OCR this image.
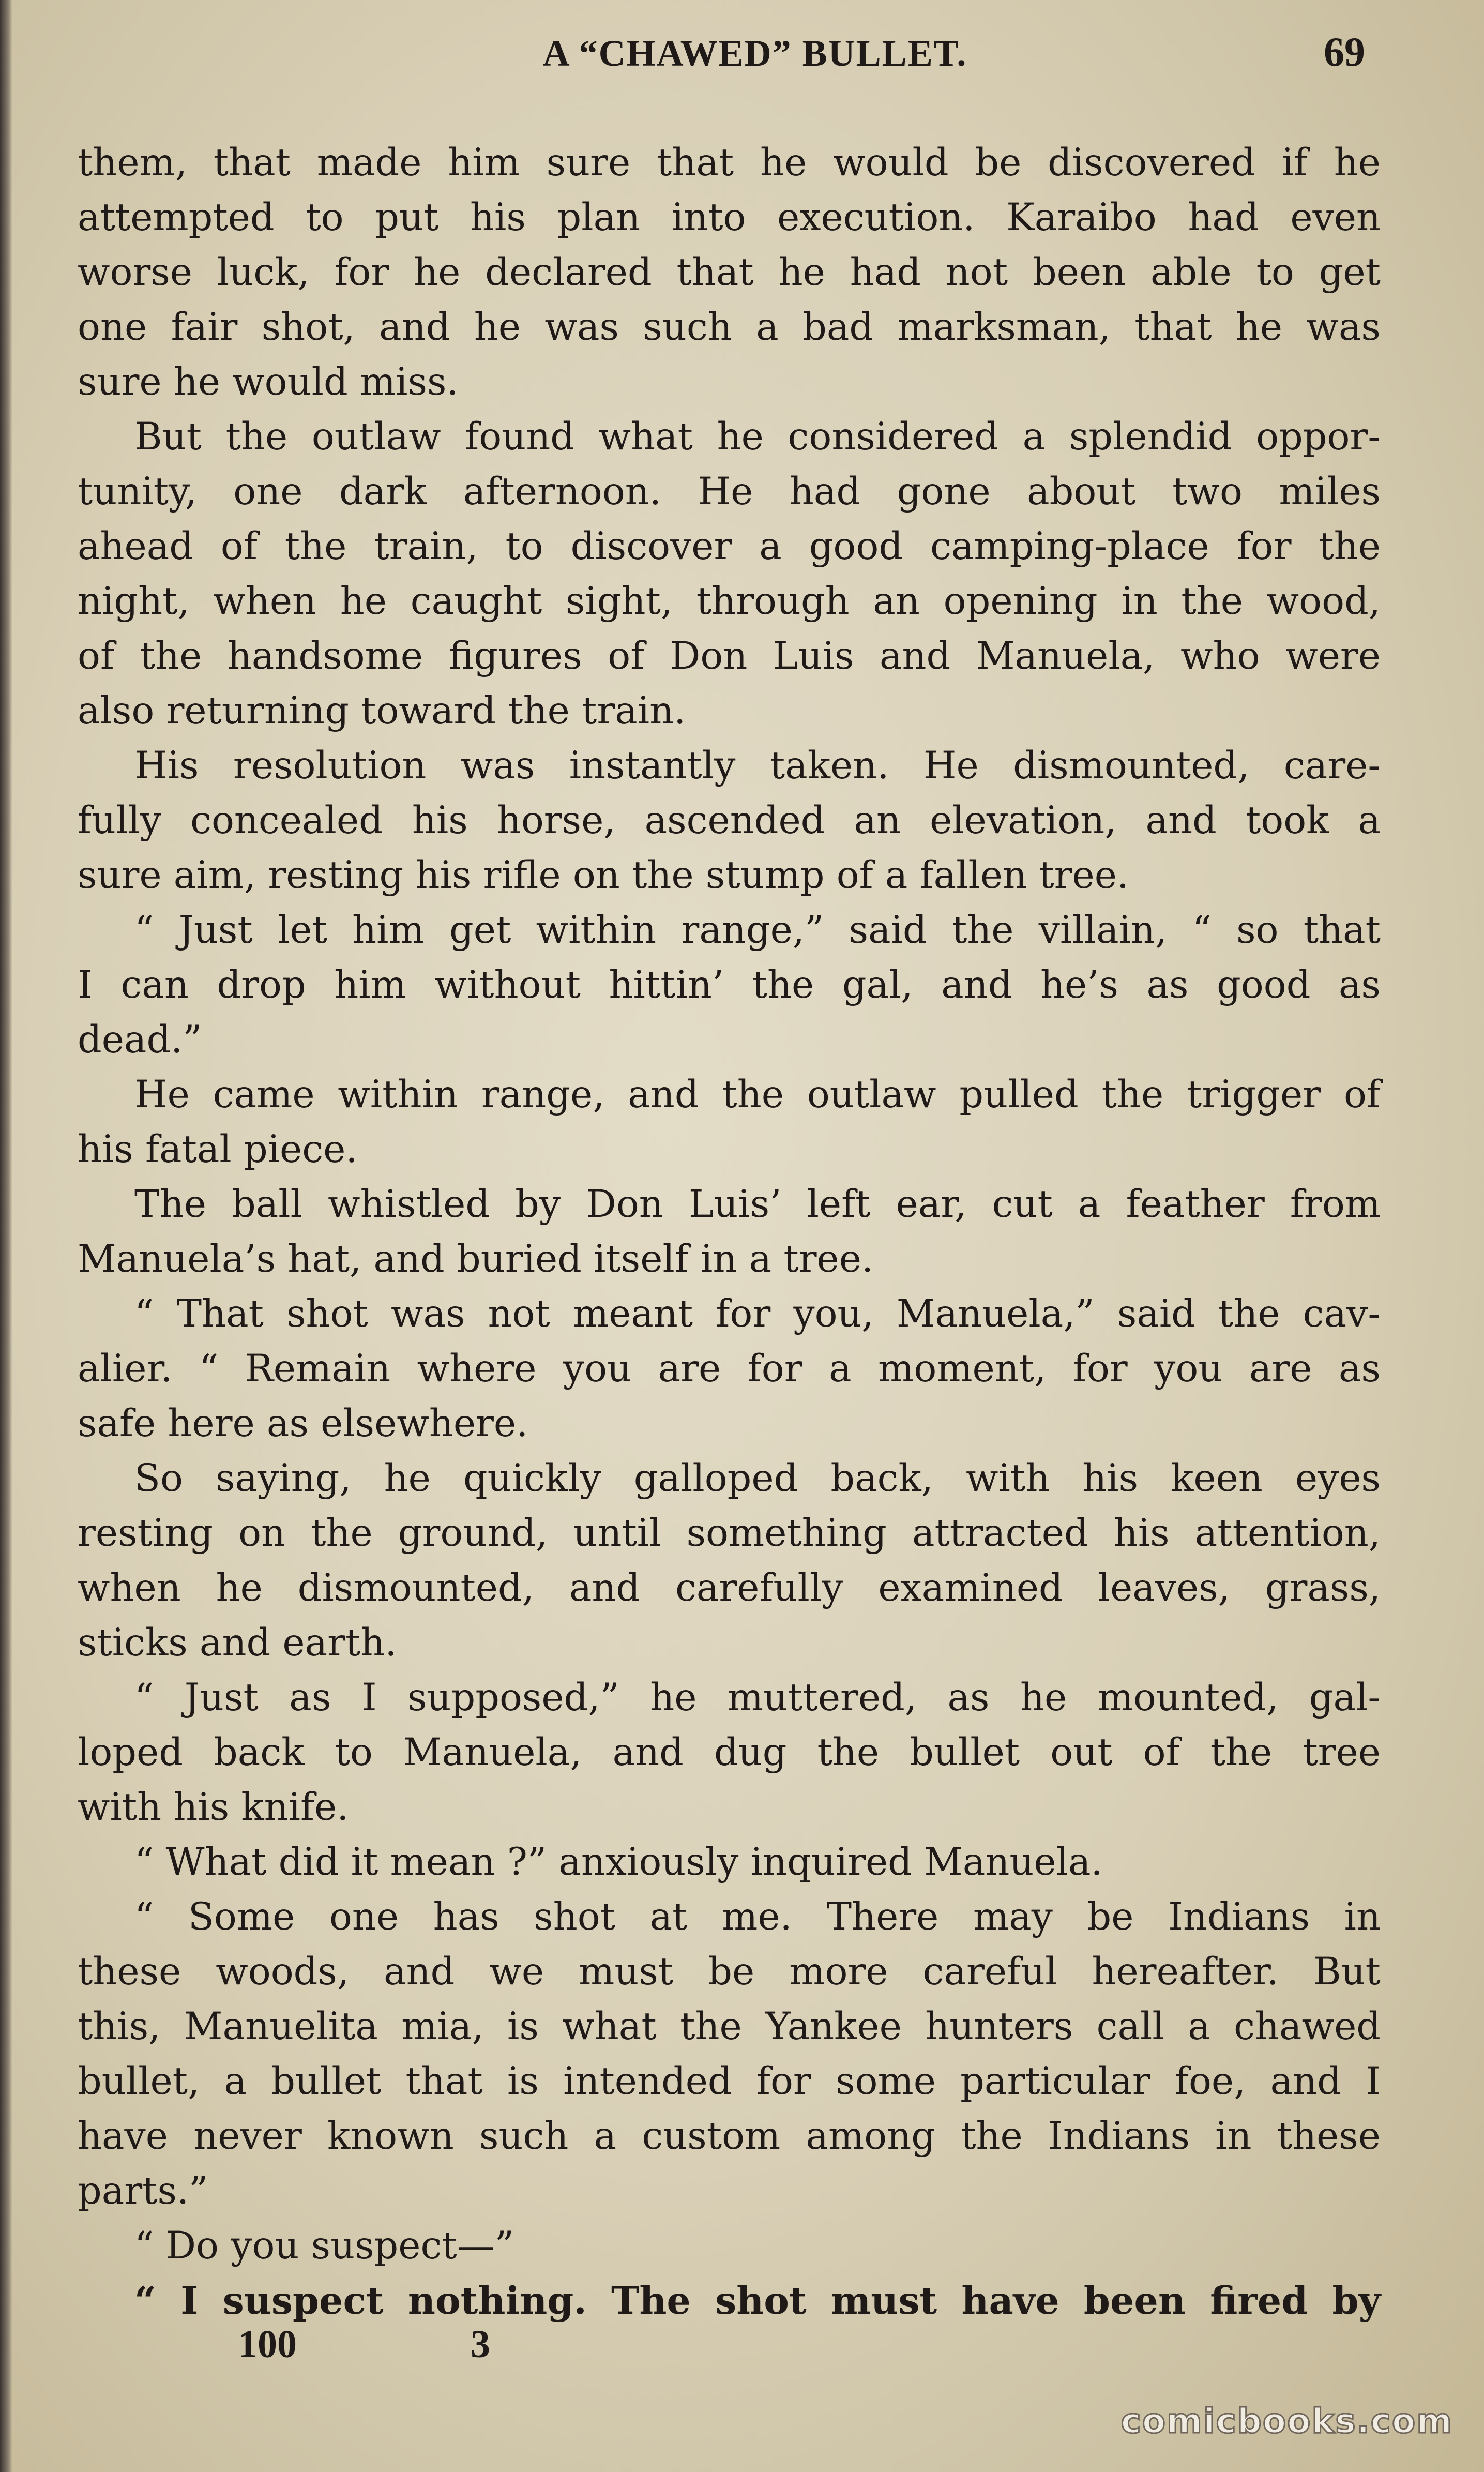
A “CHAWED” BULLET.	69
them, that made him sure that he would be discovered if he
attempted to put his plan into execution. Karaibo had even
worse luck, for he declared that he had not been able to get
one fair shot, and he was such a bad marksman, that he was
sure he would miss.
But the outlaw found what he considered a splendid oppor-
tunity, one dark afternoon. He had gone about two miles
ahead of the train, to discover a good camping-place for the
night, when he caught sight, through an opening in the wood,
of the handsome figures of Don Luis and Manuela, who were
also returning toward the train.
His resolution was instantly taken. He dismounted, care-
fully concealed his horse, ascended an elevation, and took a
sure aim, resting his rifle on the stump of a fallen tree.
“ Just let him get within range,” said the villain, “ so that
I can drop him without hittin’ the gal, and he’s as good as
dead.”
He came within range, and the outlaw pulled the trigger of
his fatal piece.
The ball whistled by Don Luis’ left ear, cut a feather from
Manuela’s hat, and buried itself in a tree.
“ That shot was not meant for you, Manuela,” said the cav-
alier. “ Remain where you are for a moment, for you are as
safe here as elsewhere.
So saying, he quickly galloped back, with his keen eyes
resting on the ground, until something attracted his attention,
when he dismounted, and carefully examined leaves, grass,
sticks and earth.
“ Just as I supposed,” he muttered, as he mounted, gal-
loped back to Manuela, and dug the bullet out of the tree
with his knife.
“ What did it mean ?” anxiously inquired Manuela.
“ Some one has shot at me. There may be Indians in
these woods, and we must be more careful hereafter. But
this, Manuelita mia, is what the Yankee hunters call a chawed
bullet, a bullet that is intended for some particular foe, and I
have never known such a custom among the Indians in these
parts.”
“ Do you suspect—”
“ I suspect nothing. The shot must have been fired by
100	3
comicbooks.com
